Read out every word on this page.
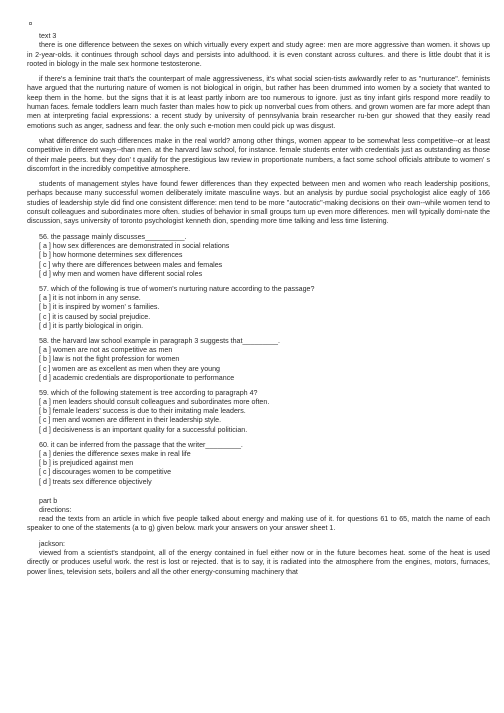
text 3

there is one difference between the sexes on which virtually every expert and study agree: men are more aggressive than women. it shows up in 2-year-olds. it continues through school days and persists into adulthood. it is even constant across cultures. and there is little doubt that it is rooted in biology in the male sex hormone testosterone.

if there's a feminine trait that's the counterpart of male aggressiveness, it's what social scien-tists awkwardly refer to as "nurturance". feminists have argued that the nurturing nature of women is not biological in origin, but rather has been drummed into women by a society that wanted to keep them in the home. but the signs that it is at least partly inborn are too numerous to ignore. just as tiny infant girls respond more readily to human faces. female toddlers learn much faster than males how to pick up nonverbal cues from others. and grown women are far more adept than men at interpreting facial expressions: a recent study by university of pennsylvania brain researcher ru-ben gur showed that they easily read emotions such as anger, sadness and fear. the only such e-motion men could pick up was disgust.

what difference do such differences make in the real world? among other things, women appear to be somewhat less competitive--or at least competitive in different ways--than men. at the harvard law school, for instance. female students enter with credentials just as outstanding as those of their male peers. but they don' t qualify for the prestigious law review in proportionate numbers, a fact some school officials attribute to women' s discomfort in the incredibly competitive atmosphere.

students of management styles have found fewer differences than they expected between men and women who reach leadership positions, perhaps because many successful women deliberately imitate masculine ways. but an analysis by purdue social psychologist alice eagly of 166 studies of leadership style did find one consistent difference: men tend to be more "autocratic"-making decisions on their own--while women tend to consult colleagues and subordinates more often. studies of behavior in small groups turn up even more differences. men will typically domi-nate the discussion, says university of toronto psychologist kenneth dion, spending more time talking and less time listening.

56. the passage mainly discusses__________.
[ a ] how sex differences are demonstrated in social relations
[ b ] how hormone determines sex differences
[ c ] why there are differences between males and females
[ d ] why men and women have different social roles
57. which of the following is true of women's nurturing nature according to the passage?
[ a ] it is not inborn in any sense.
[ b ] it is inspired by women' s families.
[ c ] it is caused by social prejudice.
[ d ] it is partly biological in origin.
58. the harvard law school example in paragraph 3 suggests that_________.
[ a ] women are not as competitive as men
[ b ] law is not the fight profession for women
[ c ] women are as excellent as men when they are young
[ d ] academic credentials are disproportionate to performance
59. which of the following statement is tree according to paragraph 4?
[ a ] men leaders should consult colleagues and subordinates more often.
[ b ] female leaders' success is due to their imitating male leaders.
[ c ] men and women are different in their leadership style.
[ d ] decisiveness is an important quality for a successful politician.
60. it can be inferred from the passage that the writer_________.
[ a ] denies the difference sexes make in real life
[ b ] is prejudiced against men
[ c ] discourages women to be competitive
[ d ] treats sex difference objectively
part b
directions:

read the texts from an article in which five people talked about energy and making use of it. for questions 61 to 65, match the name of each speaker to one of the statements (a to g) given below. mark your answers on your answer sheet 1.

jackson:

viewed from a scientist's standpoint, all of the energy contained in fuel either now or in the future becomes heat. some of the heat is used directly or produces useful work. the rest is lost or rejected. that is to say, it is radiated into the atmosphere from the engines, motors, furnaces, power lines, television sets, boilers and all the other energy-consuming machinery that
